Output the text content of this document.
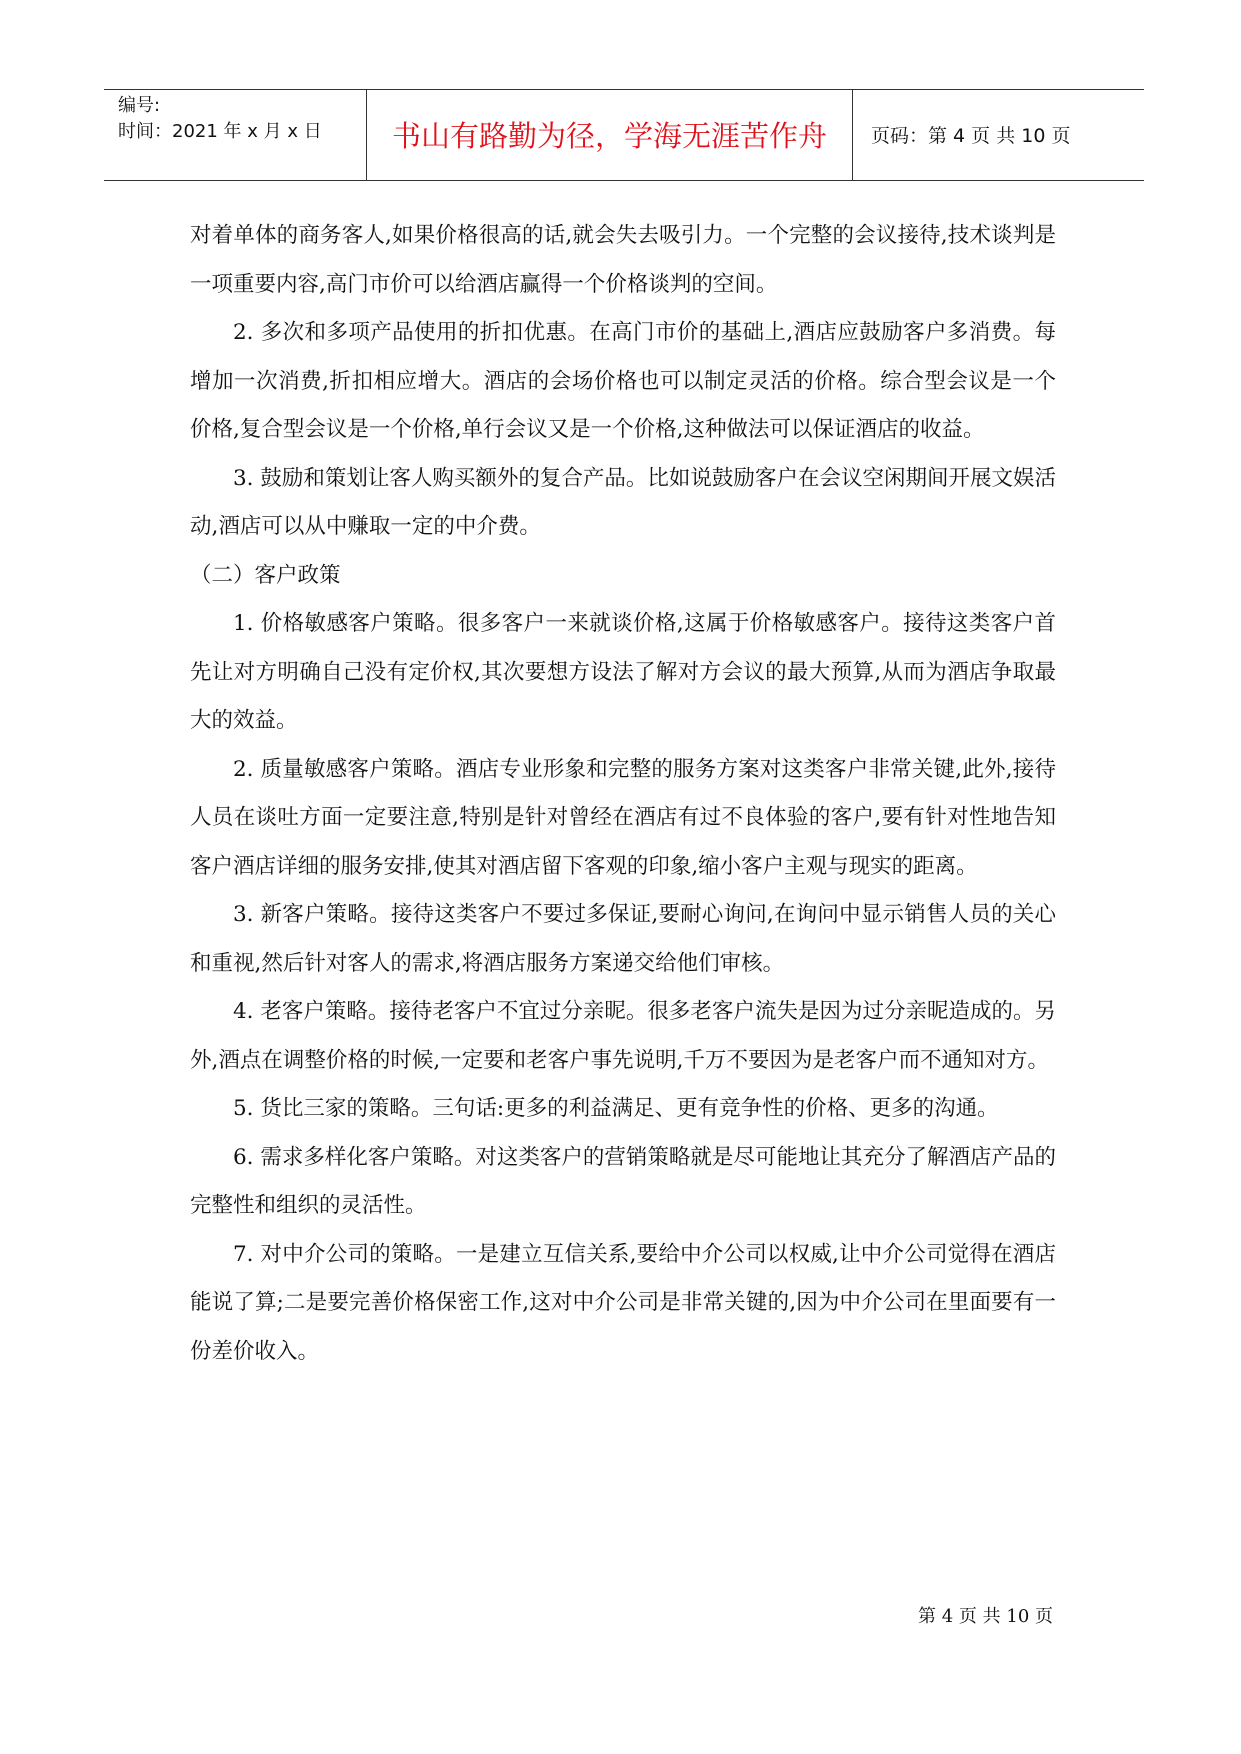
编号:
时间：2021 年 x 月 x 日	书山有路勤为径，学海无涯苦作舟	页码：第 4 页 共 10 页

对着单体的商务客人,如果价格很高的话,就会失去吸引力。一个完整的会议接待,技术谈判是一项重要内容,高门市价可以给酒店赢得一个价格谈判的空间。

2. 多次和多项产品使用的折扣优惠。在高门市价的基础上,酒店应鼓励客户多消费。每增加一次消费,折扣相应增大。酒店的会场价格也可以制定灵活的价格。综合型会议是一个价格,复合型会议是一个价格,单行会议又是一个价格,这种做法可以保证酒店的收益。

3. 鼓励和策划让客人购买额外的复合产品。比如说鼓励客户在会议空闲期间开展文娱活动,酒店可以从中赚取一定的中介费。

（二）客户政策

1. 价格敏感客户策略。很多客户一来就谈价格,这属于价格敏感客户。接待这类客户首先让对方明确自己没有定价权,其次要想方设法了解对方会议的最大预算,从而为酒店争取最大的效益。

2. 质量敏感客户策略。酒店专业形象和完整的服务方案对这类客户非常关键,此外,接待人员在谈吐方面一定要注意,特别是针对曾经在酒店有过不良体验的客户,要有针对性地告知客户酒店详细的服务安排,使其对酒店留下客观的印象,缩小客户主观与现实的距离。

3. 新客户策略。接待这类客户不要过多保证,要耐心询问,在询问中显示销售人员的关心和重视,然后针对客人的需求,将酒店服务方案递交给他们审核。

4. 老客户策略。接待老客户不宜过分亲昵。很多老客户流失是因为过分亲昵造成的。另外,酒点在调整价格的时候,一定要和老客户事先说明,千万不要因为是老客户而不通知对方。

5. 货比三家的策略。三句话:更多的利益满足、更有竞争性的价格、更多的沟通。

6. 需求多样化客户策略。对这类客户的营销策略就是尽可能地让其充分了解酒店产品的完整性和组织的灵活性。

7. 对中介公司的策略。一是建立互信关系,要给中介公司以权威,让中介公司觉得在酒店能说了算;二是要完善价格保密工作,这对中介公司是非常关键的,因为中介公司在里面要有一份差价收入。

第 4 页 共 10 页
